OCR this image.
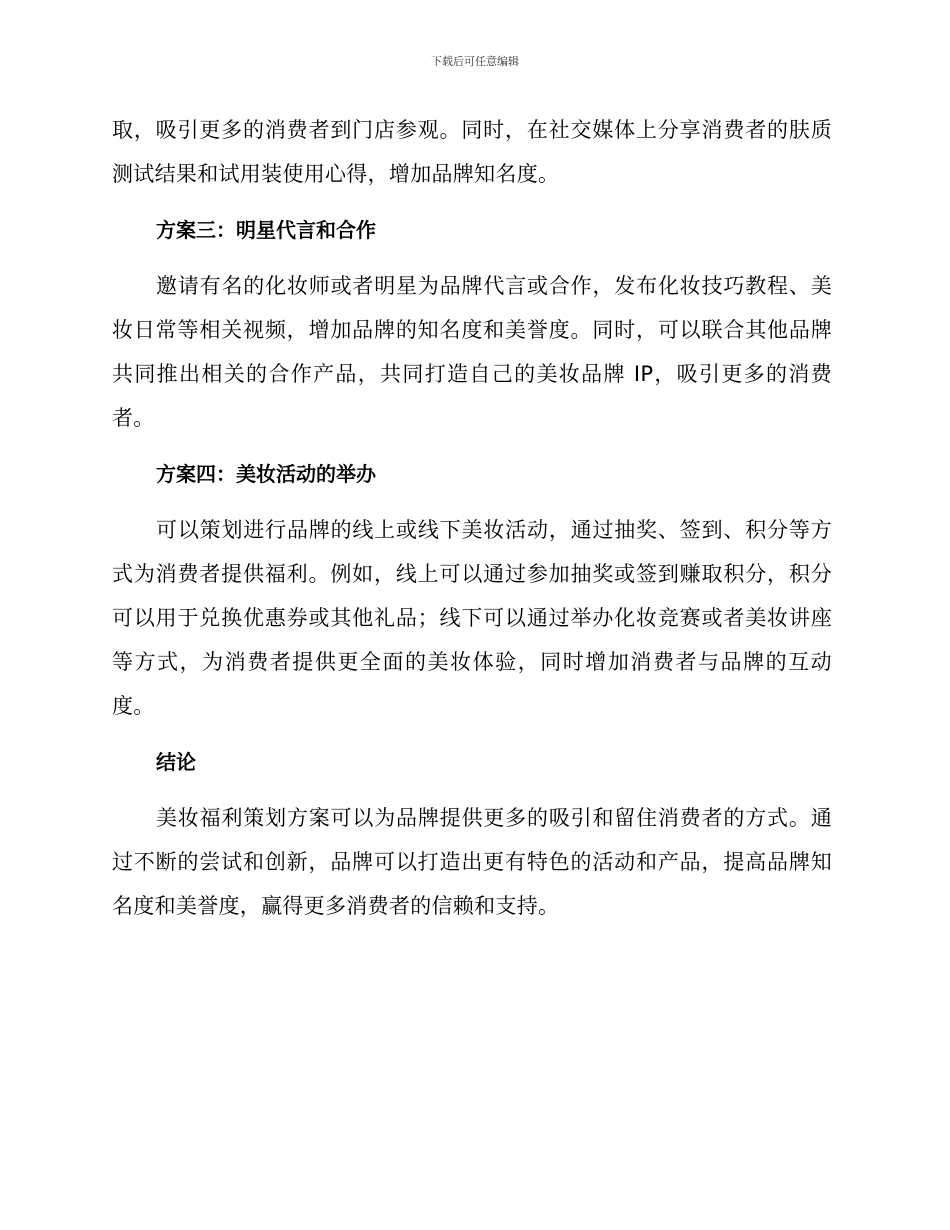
下载后可任意编辑

取，吸引更多的消费者到门店参观。同时，在社交媒体上分享消费者的肤质测试结果和试用装使用心得，增加品牌知名度。

方案三：明星代言和合作

邀请有名的化妆师或者明星为品牌代言或合作，发布化妆技巧教程、美妆日常等相关视频，增加品牌的知名度和美誉度。同时，可以联合其他品牌共同推出相关的合作产品，共同打造自己的美妆品牌 IP，吸引更多的消费者。

方案四：美妆活动的举办

可以策划进行品牌的线上或线下美妆活动，通过抽奖、签到、积分等方式为消费者提供福利。例如，线上可以通过参加抽奖或签到赚取积分，积分可以用于兑换优惠券或其他礼品；线下可以通过举办化妆竞赛或者美妆讲座等方式，为消费者提供更全面的美妆体验，同时增加消费者与品牌的互动度。

结论

美妆福利策划方案可以为品牌提供更多的吸引和留住消费者的方式。通过不断的尝试和创新，品牌可以打造出更有特色的活动和产品，提高品牌知名度和美誉度，赢得更多消费者的信赖和支持。
